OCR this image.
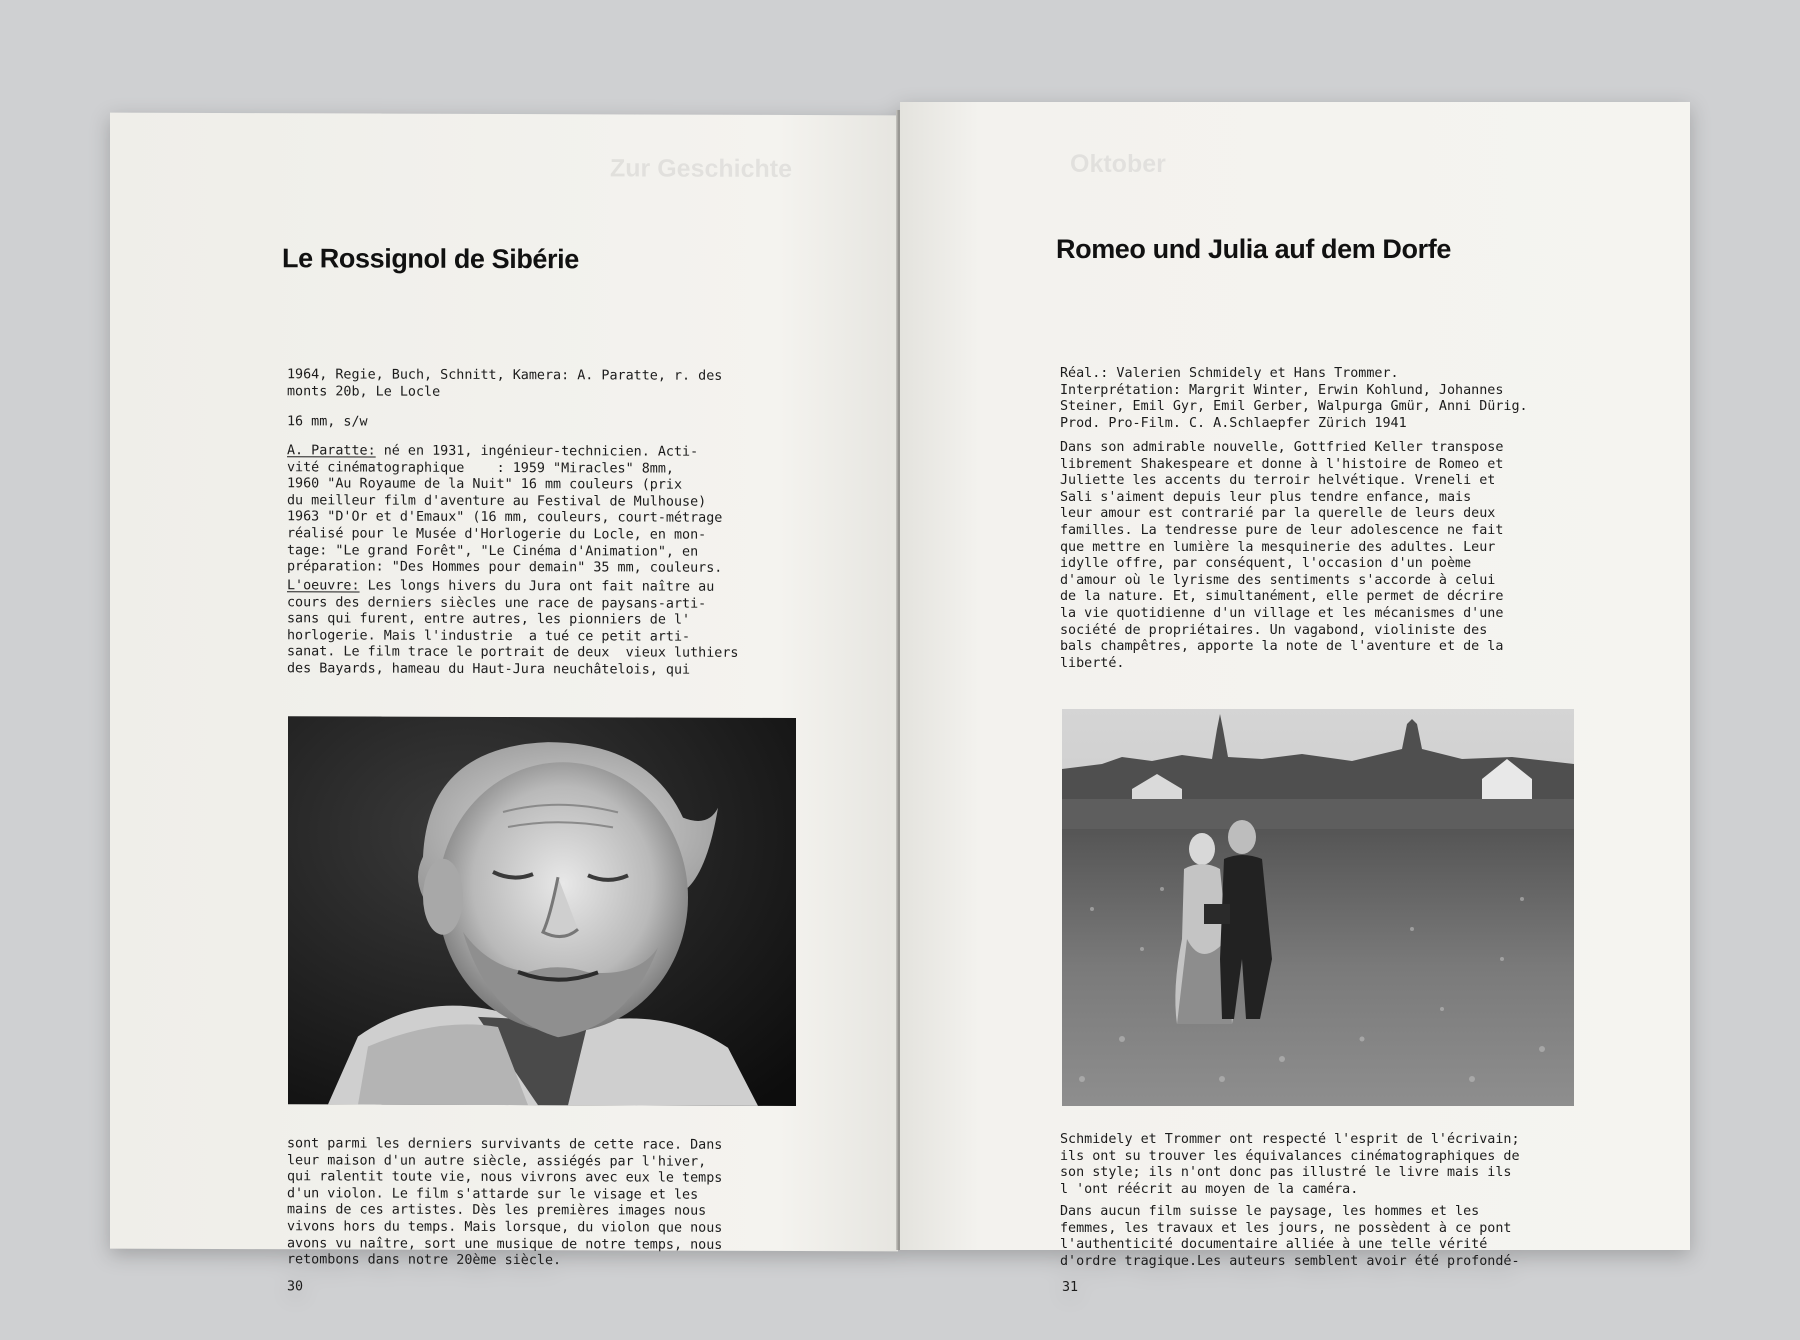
Zur Geschichte
Le Rossignol de Sibérie
1964, Regie, Buch, Schnitt, Kamera: A. Paratte, r. des
monts 20b, Le Locle
16 mm, s/w
A. Paratte: né en 1931, ingénieur-technicien. Acti-
vité cinématographique    : 1959 "Miracles" 8mm,
1960 "Au Royaume de la Nuit" 16 mm couleurs (prix
du meilleur film d'aventure au Festival de Mulhouse)
1963 "D'Or et d'Emaux" (16 mm, couleurs, court-métrage
réalisé pour le Musée d'Horlogerie du Locle, en mon-
tage: "Le grand Forêt", "Le Cinéma d'Animation", en
préparation: "Des Hommes pour demain" 35 mm, couleurs.
L'oeuvre: Les longs hivers du Jura ont fait naître au
cours des derniers siècles une race de paysans-arti-
sans qui furent, entre autres, les pionniers de l'
horlogerie. Mais l'industrie  a tué ce petit arti-
sanat. Le film trace le portrait de deux  vieux luthiers
des Bayards, hameau du Haut-Jura neuchâtelois, qui
sont parmi les derniers survivants de cette race. Dans
leur maison d'un autre siècle, assiégés par l'hiver,
qui ralentit toute vie, nous vivrons avec eux le temps
d'un violon. Le film s'attarde sur le visage et les
mains de ces artistes. Dès les premières images nous
vivons hors du temps. Mais lorsque, du violon que nous
avons vu naître, sort une musique de notre temps, nous
retombons dans notre 20ème siècle.
30
Oktober
Romeo und Julia auf dem Dorfe
Réal.: Valerien Schmidely et Hans Trommer.
Interprétation: Margrit Winter, Erwin Kohlund, Johannes
Steiner, Emil Gyr, Emil Gerber, Walpurga Gmür, Anni Dürig.
Prod. Pro-Film. C. A.Schlaepfer Zürich 1941
Dans son admirable nouvelle, Gottfried Keller transpose
librement Shakespeare et donne à l'histoire de Romeo et
Juliette les accents du terroir helvétique. Vreneli et
Sali s'aiment depuis leur plus tendre enfance, mais
leur amour est contrarié par la querelle de leurs deux
familles. La tendresse pure de leur adolescence ne fait
que mettre en lumière la mesquinerie des adultes. Leur
idylle offre, par conséquent, l'occasion d'un poème
d'amour où le lyrisme des sentiments s'accorde à celui
de la nature. Et, simultanément, elle permet de décrire
la vie quotidienne d'un village et les mécanismes d'une
société de propriétaires. Un vagabond, violiniste des
bals champêtres, apporte la note de l'aventure et de la
liberté.
Schmidely et Trommer ont respecté l'esprit de l'écrivain;
ils ont su trouver les équivalances cinématographiques de
son style; ils n'ont donc pas illustré le livre mais ils
l 'ont réécrit au moyen de la caméra.
Dans aucun film suisse le paysage, les hommes et les
femmes, les travaux et les jours, ne possèdent à ce pont
l'authenticité documentaire alliée à une telle vérité
d'ordre tragique.Les auteurs semblent avoir été profondé-
31
